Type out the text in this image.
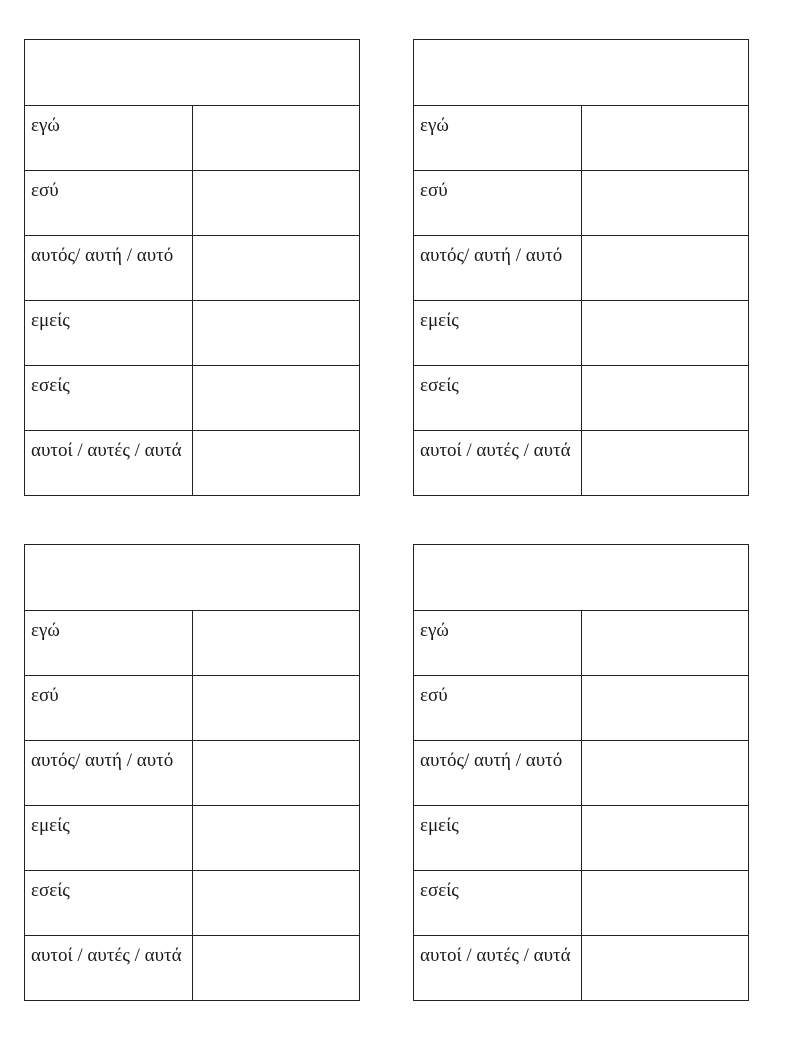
εγώ	
εσύ	
αυτός/ αυτή / αυτό	
εμείς	
εσείς	
αυτοί / αυτές / αυτά	

εγώ	
εσύ	
αυτός/ αυτή / αυτό	
εμείς	
εσείς	
αυτοί / αυτές / αυτά	

εγώ	
εσύ	
αυτός/ αυτή / αυτό	
εμείς	
εσείς	
αυτοί / αυτές / αυτά	

εγώ	
εσύ	
αυτός/ αυτή / αυτό	
εμείς	
εσείς	
αυτοί / αυτές / αυτά	
